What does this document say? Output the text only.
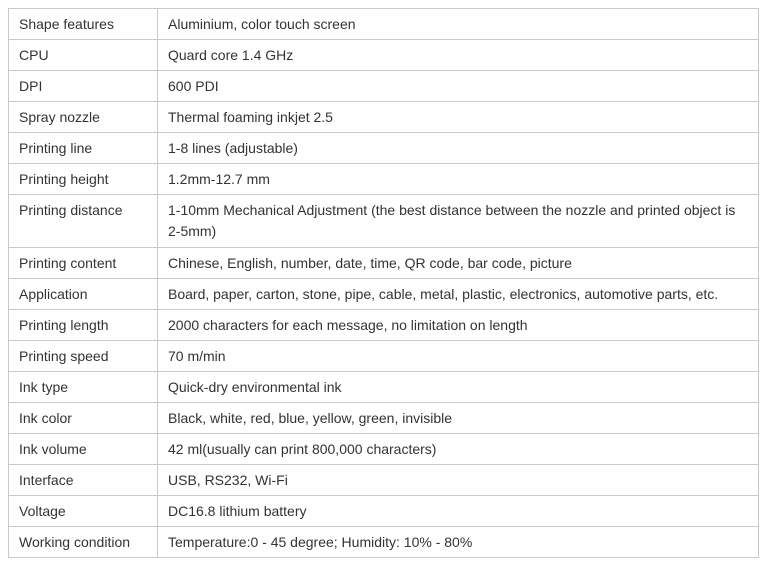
Shape features	Aluminium, color touch screen
CPU	Quard core 1.4 GHz
DPI	600 PDI
Spray nozzle	Thermal foaming inkjet 2.5
Printing line	1-8 lines (adjustable)
Printing height	1.2mm-12.7 mm
Printing distance	1-10mm Mechanical Adjustment (the best distance between the nozzle and printed object is 2-5mm)
Printing content	Chinese, English, number, date, time, QR code, bar code, picture
Application	Board, paper, carton, stone, pipe, cable, metal, plastic, electronics, automotive parts, etc.
Printing length	2000 characters for each message, no limitation on length
Printing speed	70 m/min
Ink type	Quick-dry environmental ink
Ink color	Black, white, red, blue, yellow, green, invisible
Ink volume	42 ml(usually can print 800,000 characters)
Interface	USB, RS232, Wi-Fi
Voltage	DC16.8 lithium battery
Working condition	Temperature:0 - 45 degree; Humidity: 10% - 80%
